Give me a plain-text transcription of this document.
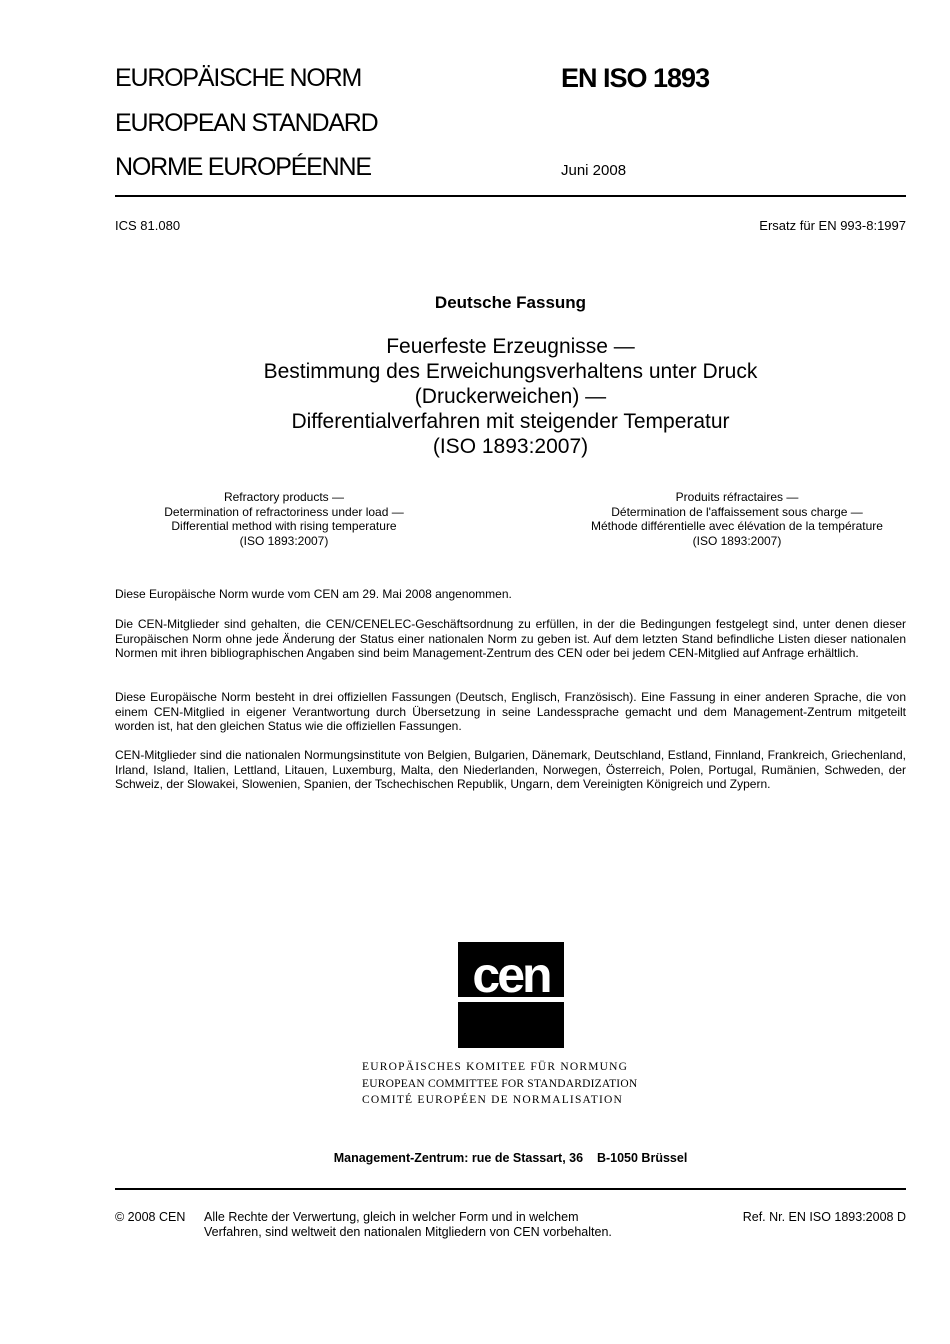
EUROPÄISCHE NORM
EUROPEAN STANDARD
NORME EUROPÉENNE
EN ISO 1893
Juni 2008
ICS 81.080	Ersatz für EN 993-8:1997
Deutsche Fassung
Feuerfeste Erzeugnisse —
Bestimmung des Erweichungsverhaltens unter Druck
(Druckerweichen) —
Differentialverfahren mit steigender Temperatur
(ISO 1893:2007)
Refractory products —
Determination of refractoriness under load —
Differential method with rising temperature
(ISO 1893:2007)
Produits réfractaires —
Détermination de l'affaissement sous charge —
Méthode différentielle avec élévation de la température
(ISO 1893:2007)
Diese Europäische Norm wurde vom CEN am 29. Mai 2008 angenommen.
Die CEN-Mitglieder sind gehalten, die CEN/CENELEC-Geschäftsordnung zu erfüllen, in der die Bedingungen festgelegt sind, unter denen dieser Europäischen Norm ohne jede Änderung der Status einer nationalen Norm zu geben ist. Auf dem letzten Stand befindliche Listen dieser nationalen Normen mit ihren bibliographischen Angaben sind beim Management-Zentrum des CEN oder bei jedem CEN-Mitglied auf Anfrage erhältlich.
Diese Europäische Norm besteht in drei offiziellen Fassungen (Deutsch, Englisch, Französisch). Eine Fassung in einer anderen Sprache, die von einem CEN-Mitglied in eigener Verantwortung durch Übersetzung in seine Landessprache gemacht und dem Management-Zentrum mitgeteilt worden ist, hat den gleichen Status wie die offiziellen Fassungen.
CEN-Mitglieder sind die nationalen Normungsinstitute von Belgien, Bulgarien, Dänemark, Deutschland, Estland, Finnland, Frankreich, Griechenland, Irland, Island, Italien, Lettland, Litauen, Luxemburg, Malta, den Niederlanden, Norwegen, Österreich, Polen, Portugal, Rumänien, Schweden, der Schweiz, der Slowakei, Slowenien, Spanien, der Tschechischen Republik, Ungarn, dem Vereinigten Königreich und Zypern.
cen
EUROPÄISCHES KOMITEE FÜR NORMUNG
EUROPEAN COMMITTEE FOR STANDARDIZATION
COMITÉ EUROPÉEN DE NORMALISATION
Management-Zentrum: rue de Stassart, 36    B-1050 Brüssel
© 2008 CEN Alle Rechte der Verwertung, gleich in welcher Form und in welchem
Verfahren, sind weltweit den nationalen Mitgliedern von CEN vorbehalten.
Ref. Nr. EN ISO 1893:2008 D
